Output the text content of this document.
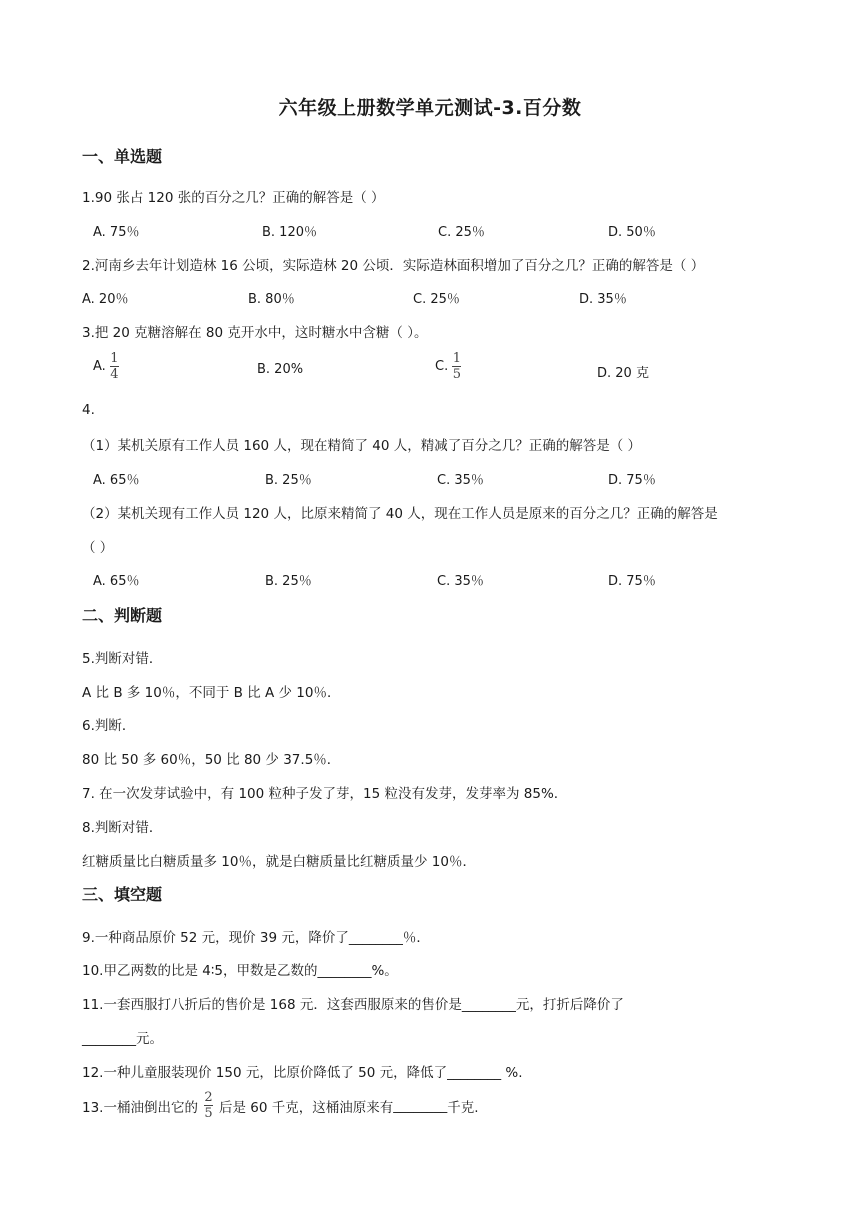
六年级上册数学单元测试-3.百分数
一、单选题
1.90 张占 120 张的百分之几？正确的解答是（ ）
A. 75％	B. 120％	C. 25％	D. 50％
2.河南乡去年计划造林 16 公顷，实际造林 20 公顷．实际造林面积增加了百分之几？正确的解答是（ ）
A. 20％	B. 80％	C. 25％	D. 35％
3.把 20 克糖溶解在 80 克开水中，这时糖水中含糖（ ）。
A. $\frac{1}{4}$	B. 20%	C. $\frac{1}{5}$	D. 20 克
4.
（1）某机关原有工作人员 160 人，现在精简了 40 人，精减了百分之几？正确的解答是（ ）
A. 65％	B. 25％	C. 35％	D. 75％
（2）某机关现有工作人员 120 人，比原来精简了 40 人，现在工作人员是原来的百分之几？正确的解答是
（ ）
A. 65％	B. 25％	C. 35％	D. 75％
二、判断题
5.判断对错．
A 比 B 多 10％，不同于 B 比 A 少 10％．
6.判断．
80 比 50 多 60％，50 比 80 少 37.5％．
7. 在一次发芽试验中，有 100 粒种子发了芽，15 粒没有发芽，发芽率为 85%.
8.判断对错．
红糖质量比白糖质量多 10％，就是白糖质量比红糖质量少 10％．
三、填空题
9.一种商品原价 52 元，现价 39 元，降价了________％．
10.甲乙两数的比是 4∶5，甲数是乙数的________%。
11.一套西服打八折后的售价是 168 元．这套西服原来的售价是________元，打折后降价了
________元。
12.一种儿童服装现价 150 元，比原价降低了 50 元，降低了________ %.
13.一桶油倒出它的 $\frac{2}{5}$ 后是 60 千克，这桶油原来有 ________ 千克.
